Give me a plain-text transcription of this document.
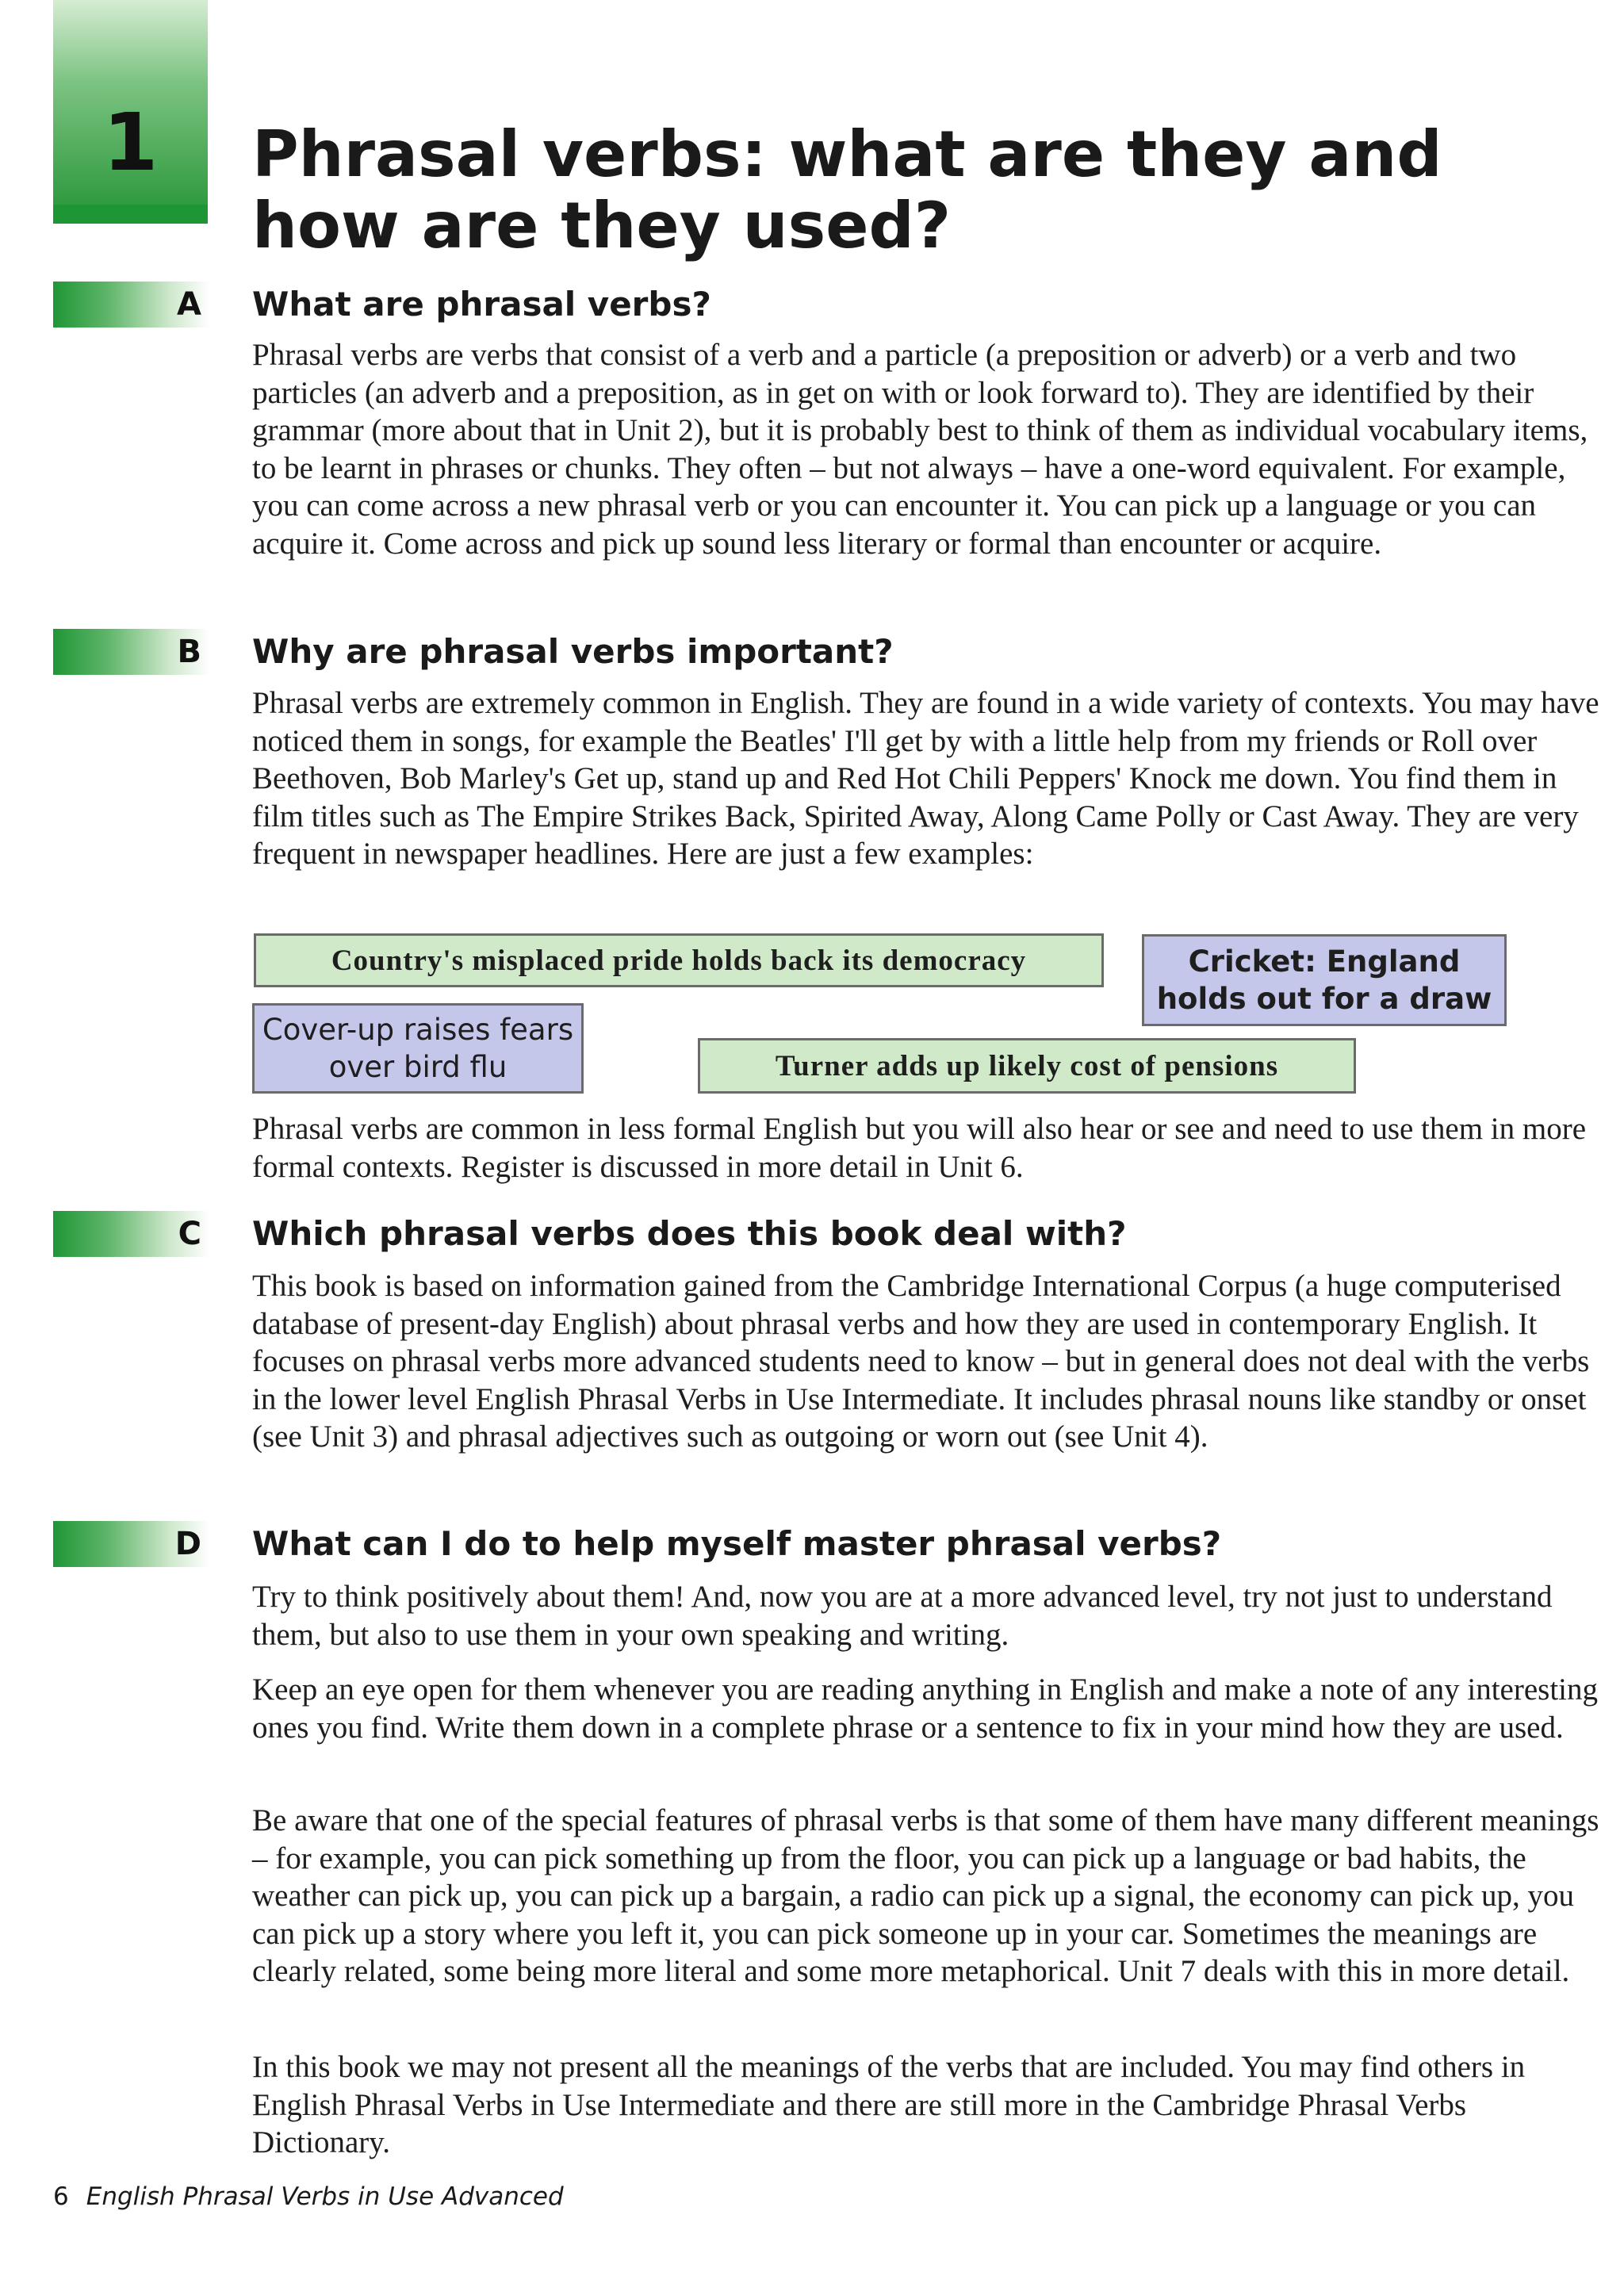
1	Phrasal verbs: what are they and how are they used?
A What are phrasal verbs?

Phrasal verbs are verbs that consist of a verb and a particle (a preposition or adverb) or a verb and two particles (an adverb and a preposition, as in get on with or look forward to). They are identified by their grammar (more about that in Unit 2), but it is probably best to think of them as individual vocabulary items, to be learnt in phrases or chunks. They often – but not always – have a one-word equivalent. For example, you can come across a new phrasal verb or you can encounter it. You can pick up a language or you can acquire it. Come across and pick up sound less literary or formal than encounter or acquire.

B Why are phrasal verbs important?

Phrasal verbs are extremely common in English. They are found in a wide variety of contexts. You may have noticed them in songs, for example the Beatles' I'll get by with a little help from my friends or Roll over Beethoven, Bob Marley's Get up, stand up and Red Hot Chili Peppers' Knock me down. You find them in film titles such as The Empire Strikes Back, Spirited Away, Along Came Polly or Cast Away. They are very frequent in newspaper headlines. Here are just a few examples:

Country's misplaced pride holds back its democracy	Cricket: England holds out for a draw
Cover-up raises fears over bird flu	Turner adds up likely cost of pensions

Phrasal verbs are common in less formal English but you will also hear or see and need to use them in more formal contexts. Register is discussed in more detail in Unit 6.

C Which phrasal verbs does this book deal with?

This book is based on information gained from the Cambridge International Corpus (a huge computerised database of present-day English) about phrasal verbs and how they are used in contemporary English. It focuses on phrasal verbs more advanced students need to know – but in general does not deal with the verbs in the lower level English Phrasal Verbs in Use Intermediate. It includes phrasal nouns like standby or onset (see Unit 3) and phrasal adjectives such as outgoing or worn out (see Unit 4).

D What can I do to help myself master phrasal verbs?

Try to think positively about them! And, now you are at a more advanced level, try not just to understand them, but also to use them in your own speaking and writing.

Keep an eye open for them whenever you are reading anything in English and make a note of any interesting ones you find. Write them down in a complete phrase or a sentence to fix in your mind how they are used.

Be aware that one of the special features of phrasal verbs is that some of them have many different meanings – for example, you can pick something up from the floor, you can pick up a language or bad habits, the weather can pick up, you can pick up a bargain, a radio can pick up a signal, the economy can pick up, you can pick up a story where you left it, you can pick someone up in your car. Sometimes the meanings are clearly related, some being more literal and some more metaphorical. Unit 7 deals with this in more detail.

In this book we may not present all the meanings of the verbs that are included. You may find others in English Phrasal Verbs in Use Intermediate and there are still more in the Cambridge Phrasal Verbs Dictionary.

6 English Phrasal Verbs in Use Advanced
